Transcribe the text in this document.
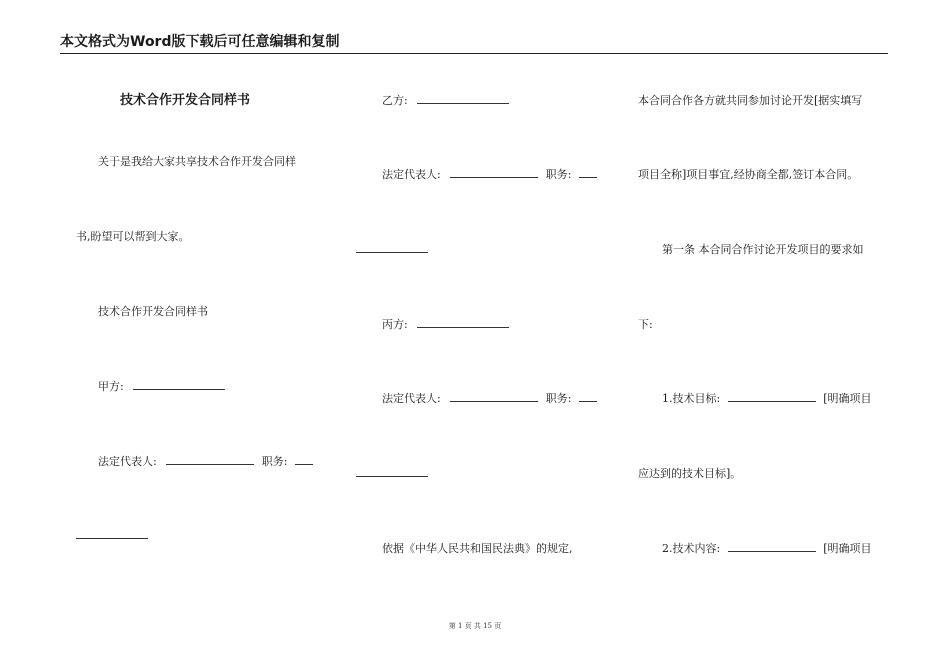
本文格式为Word版下载后可任意编辑和复制
技术合作开发合同样书
关于是我给大家共享技术合作开发合同样
书,盼望可以帮到大家。
技术合作开发合同样书
甲方:
法定代表人:	职务:
乙方:
法定代表人:	职务:
丙方:
法定代表人:	职务:
依据《中华人民共和国民法典》的规定,
本合同合作各方就共同参加讨论开发[据实填写
项目全称]项目事宜,经协商全都,签订本合同。
第一条 本合同合作讨论开发项目的要求如
下:
1.技术目标:	[明确项目
应达到的技术目标]。
2.技术内容:	[明确项目
第 1 页 共 15 页
